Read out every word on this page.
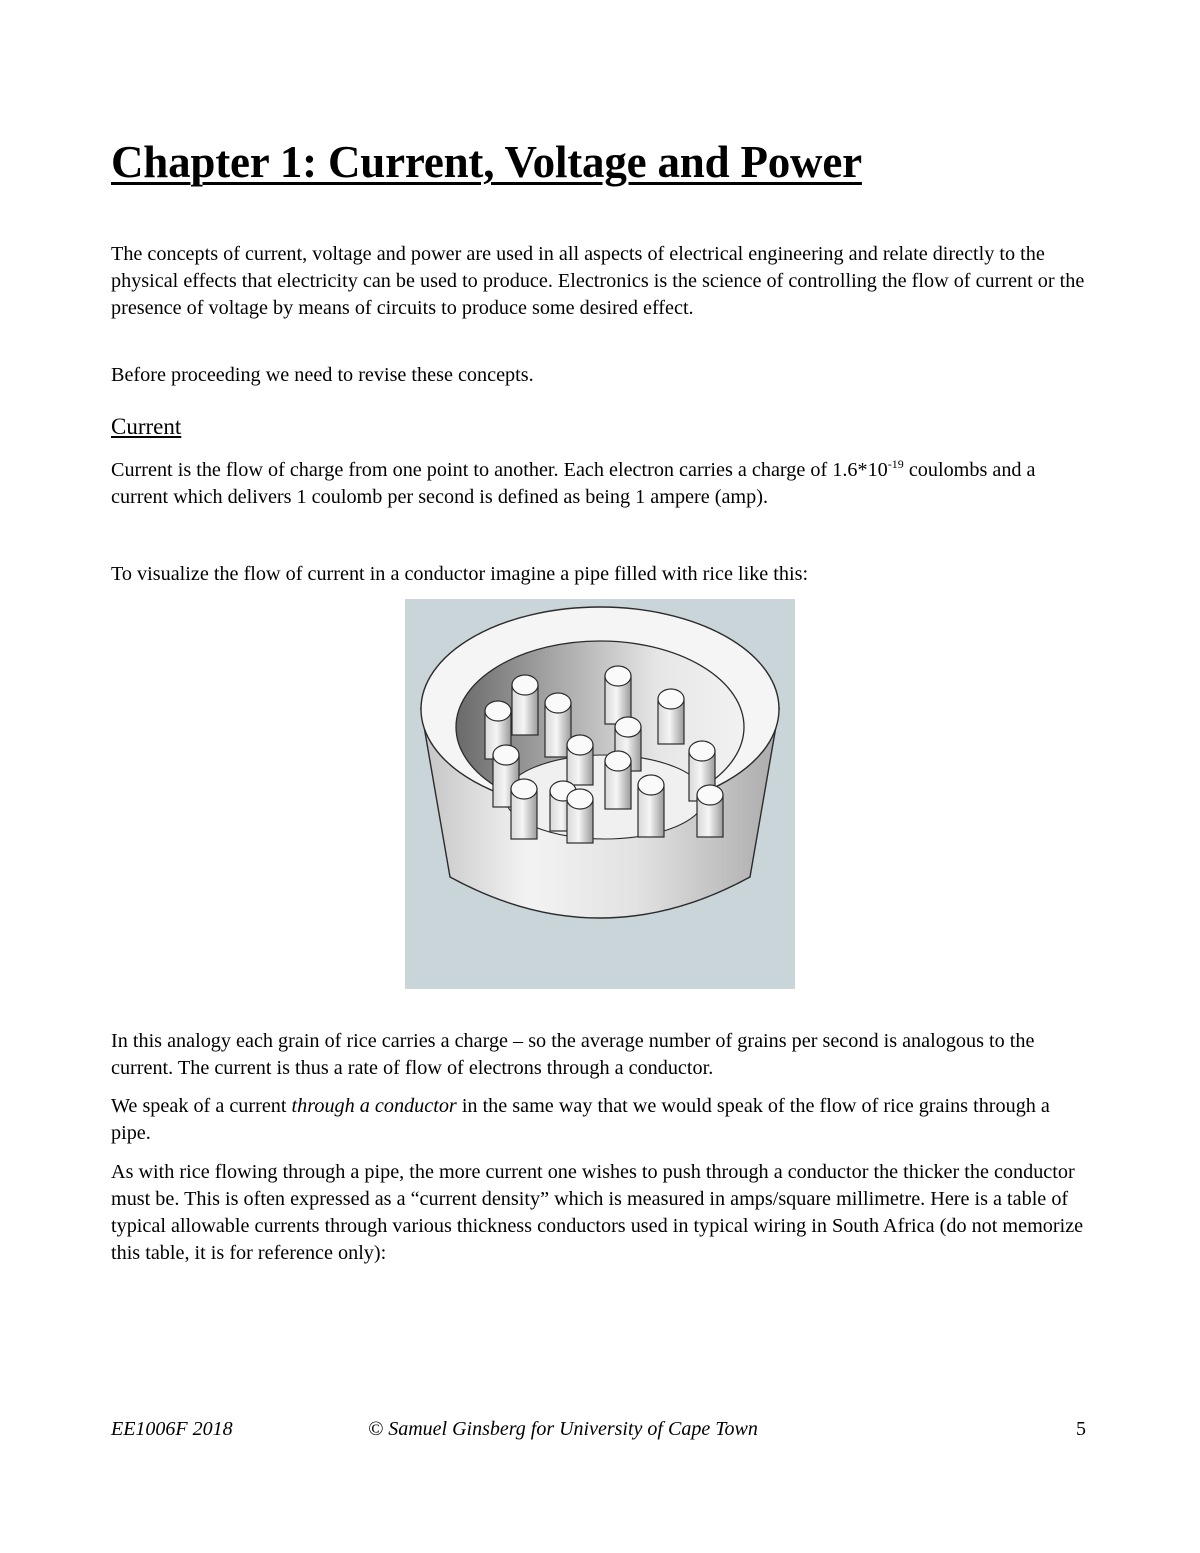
Chapter 1: Current, Voltage and Power

The concepts of current, voltage and power are used in all aspects of electrical engineering and relate directly to the physical effects that electricity can be used to produce. Electronics is the science of controlling the flow of current or the presence of voltage by means of circuits to produce some desired effect.

Before proceeding we need to revise these concepts.

Current

Current is the flow of charge from one point to another. Each electron carries a charge of $1.6*10^{-19}$ coulombs and a current which delivers 1 coulomb per second is defined as being 1 ampere (amp).

To visualize the flow of current in a conductor imagine a pipe filled with rice like this:

In this analogy each grain of rice carries a charge – so the average number of grains per second is analogous to the current. The current is thus a rate of flow of electrons through a conductor.

We speak of a current through a conductor in the same way that we would speak of the flow of rice grains through a pipe.

As with rice flowing through a pipe, the more current one wishes to push through a conductor the thicker the conductor must be. This is often expressed as a “current density” which is measured in amps/square millimetre. Here is a table of typical allowable currents through various thickness conductors used in typical wiring in South Africa (do not memorize this table, it is for reference only):

EE1006F 2018	© Samuel Ginsberg for University of Cape Town	5
